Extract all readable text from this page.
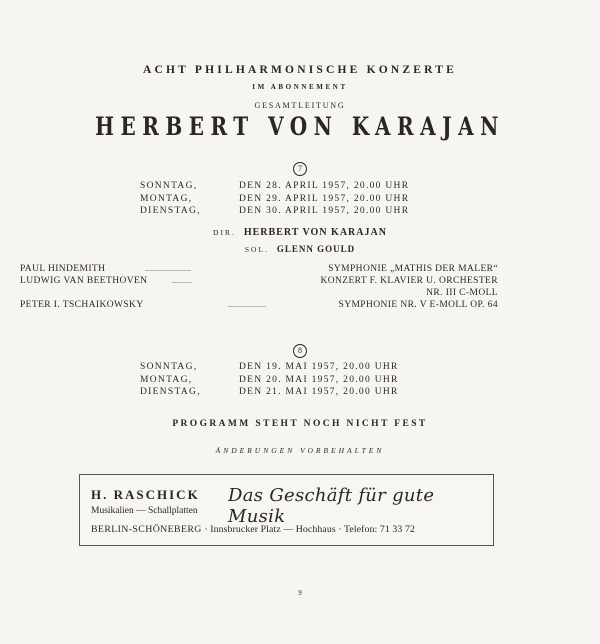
ACHT PHILHARMONISCHE KONZERTE
IM ABONNEMENT
GESAMTLEITUNG
HERBERT VON KARAJAN
7
SONNTAG,	DEN 28. APRIL 1957, 20.00 UHR
MONTAG,	DEN 29. APRIL 1957, 20.00 UHR
DIENSTAG,	DEN 30. APRIL 1957, 20.00 UHR
DIR. HERBERT VON KARAJAN
SOL. GLENN GOULD
PAUL HINDEMITH	.......................	SYMPHONIE „MATHIS DER MALER“
LUDWIG VAN BEETHOVEN	..........	KONZERT F. KLAVIER U. ORCHESTER
NR. III C-MOLL
PETER I. TSCHAIKOWSKY	...................	SYMPHONIE NR. V E-MOLL OP. 64
8
SONNTAG,	DEN 19. MAI 1957, 20.00 UHR
MONTAG,	DEN 20. MAI 1957, 20.00 UHR
DIENSTAG,	DEN 21. MAI 1957, 20.00 UHR
PROGRAMM STEHT NOCH NICHT FEST
ÄNDERUNGEN VORBEHALTEN
H. RASCHICK
Musikalien — Schallplatten
Das Geschäft für gute Musik
BERLIN-SCHÖNEBERG · Innsbrucker Platz — Hochhaus · Telefon: 71 33 72
9
